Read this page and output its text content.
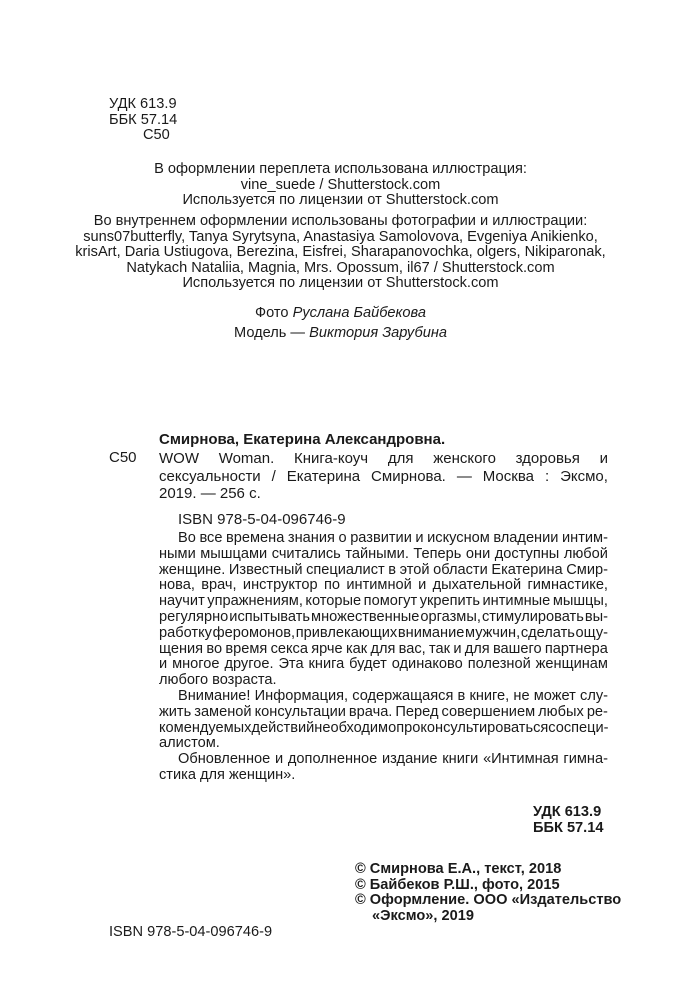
УДК 613.9
ББК 57.14
С50
В оформлении переплета использована иллюстрация:
vine_suede / Shutterstock.com
Используется по лицензии от Shutterstock.com
Во внутреннем оформлении использованы фотографии и иллюстрации:
suns07butterfly, Tanya Syrytsyna, Anastasiya Samolovova, Evgeniya Anikienko,
krisArt, Daria Ustiugova, Berezina, Eisfrei, Sharapanovochka, olgers, Nikiparonak,
Natykach Nataliia, Magnia, Mrs. Opossum, il67 / Shutterstock.com
Используется по лицензии от Shutterstock.com
Фото Руслана Байбекова
Модель — Виктория Зарубина
Смирнова, Екатерина Александровна.
С50 WOW Woman. Книга-коуч для женского здоровья и
сексуальности / Екатерина Смирнова. — Москва : Эксмо,
2019. — 256 с.
ISBN 978-5-04-096746-9
Во все времена знания о развитии и искусном владении интим-
ными мышцами считались тайными. Теперь они доступны любой
женщине. Известный специалист в этой области Екатерина Смир-
нова, врач, инструктор по интимной и дыхательной гимнастике,
научит упражнениям, которые помогут укрепить интимные мышцы,
регулярно испытывать множественные оргазмы, стимулировать вы-
работку феромонов, привлекающих внимание мужчин, сделать ощу-
щения во время секса ярче как для вас, так и для вашего партнера
и многое другое. Эта книга будет одинаково полезной женщинам
любого возраста.
Внимание! Информация, содержащаяся в книге, не может слу-
жить заменой консультации врача. Перед совершением любых ре-
комендуемых действий необходимо проконсультироваться со специ-
алистом.
Обновленное и дополненное издание книги «Интимная гимна-
стика для женщин».
УДК 613.9
ББК 57.14
© Смирнова Е.А., текст, 2018
© Байбеков Р.Ш., фото, 2015
© Оформление. ООО «Издательство
«Эксмо», 2019
ISBN 978-5-04-096746-9
